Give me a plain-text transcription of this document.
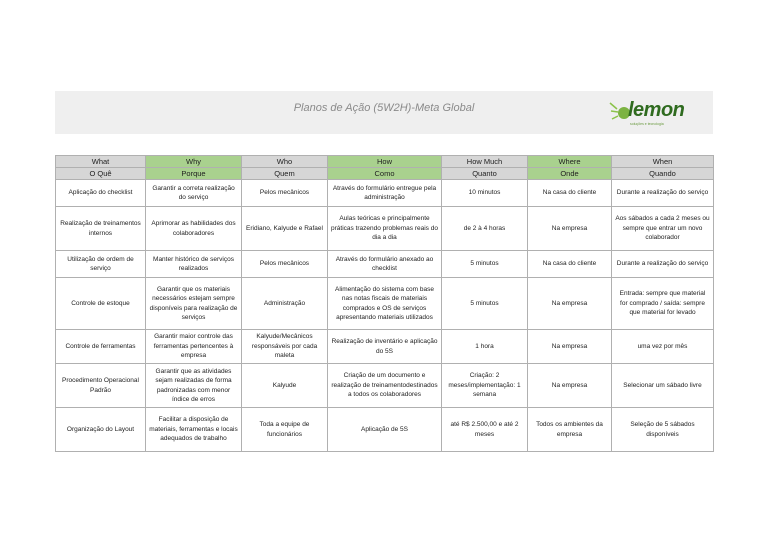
Planos de Ação (5W2H)-Meta Global	lemon
soluções e tecnologia
What	Why	Who	How	How Much	Where	When
O Quê	Porque	Quem	Como	Quanto	Onde	Quando
Aplicação do checklist	Garantir a correta realização do serviço	Pelos mecânicos	Através do formulário entregue pela administração	10 minutos	Na casa do cliente	Durante a realização do serviço
Realização de treinamentos internos	Aprimorar as habilidades dos colaboradores	Eridiano, Kalyude e Rafael	Aulas teóricas e principalmente práticas trazendo problemas reais do dia a dia	de 2 à 4 horas	Na empresa	Aos sábados a cada 2 meses ou sempre que entrar um novo colaborador
Utilização de ordem de serviço	Manter histórico de serviços realizados	Pelos mecânicos	Através do formulário anexado ao checklist	5 minutos	Na casa do cliente	Durante a realização do serviço
Controle de estoque	Garantir que os materiais necessários estejam sempre disponíveis para realização de serviços	Administração	Alimentação do sistema com base nas notas fiscais de materiais comprados e OS de serviços apresentando materiais utilizados	5 minutos	Na empresa	Entrada: sempre que material for comprado / saída: sempre que material for levado
Controle de ferramentas	Garantir maior controle das ferramentas pertencentes à empresa	Kalyude/Mecânicos responsáveis por cada maleta	Realização de inventário e aplicação do 5S	1 hora	Na empresa	uma vez por mês
Procedimento Operacional Padrão	Garantir que as atividades sejam realizadas de forma padronizadas com menor índice de erros	Kalyude	Criação de um documento e realização de treinamentodestinados a todos os colaboradores	Criação: 2 meses/implementação: 1 semana	Na empresa	Selecionar um sábado livre
Organização do Layout	Facilitar a disposição de materiais, ferramentas e locais adequados de trabalho	Toda a equipe de funcionários	Aplicação de 5S	até R$ 2.500,00 e até 2 meses	Todos os ambientes da empresa	Seleção de 5 sábados disponíveis
